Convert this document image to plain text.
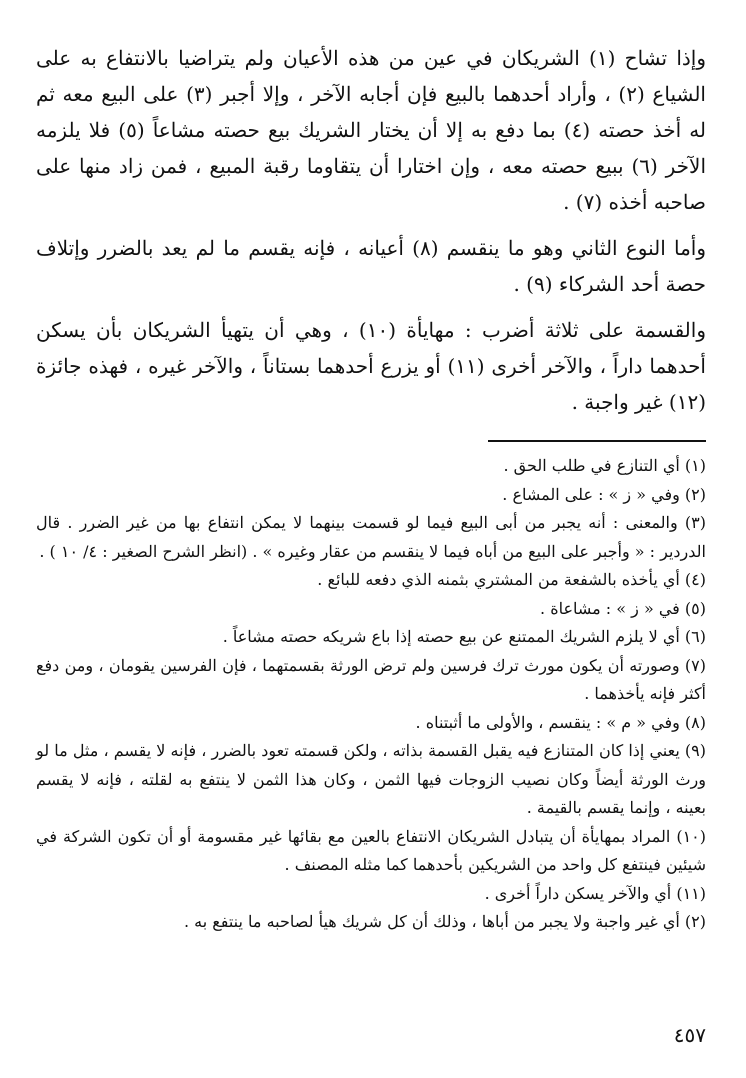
وإذا تشاح (١) الشريكان في عين من هذه الأعيان ولم يتراضيا بالانتفاع به على الشياع (٢) ، وأراد أحدهما بالبيع فإن أجابه الآخر ، وإلا أجبر (٣) على البيع معه ثم له أخذ حصته (٤) بما دفع به إلا أن يختار الشريك بيع حصته مشاعاً (٥) فلا يلزمه الآخر (٦) ببيع حصته معه ، وإن اختارا أن يتقاوما رقبة المبيع ، فمن زاد منها على صاحبه أخذه (٧) .

وأما النوع الثاني وهو ما ينقسم (٨) أعيانه ، فإنه يقسم ما لم يعد بالضرر وإتلاف حصة أحد الشركاء (٩) .

والقسمة على ثلاثة أضرب : مهايأة (١٠) ، وهي أن يتهيأ الشريكان بأن يسكن أحدهما داراً ، والآخر أخرى (١١) أو يزرع أحدهما بستاناً ، والآخر غيره ، فهذه جائزة (١٢) غير واجبة .

(١) أي التنازع في طلب الحق .

(٢) وفي « ز » : على المشاع .

(٣) والمعنى : أنه يجبر من أبى البيع فيما لو قسمت بينهما لا يمكن انتفاع بها من غير الضرر . قال الدردير : « وأجبر على البيع من أباه فيما لا ينقسم من عقار وغيره » . (انظر الشرح الصغير : ٤/ ١٠ ) .

(٤) أي يأخذه بالشفعة من المشتري بثمنه الذي دفعه للبائع .

(٥) في « ز » : مشاعاة .

(٦) أي لا يلزم الشريك الممتنع عن بيع حصته إذا باع شريكه حصته مشاعاً .

(٧) وصورته أن يكون مورث ترك فرسين ولم ترض الورثة بقسمتهما ، فإن الفرسين يقومان ، ومن دفع أكثر فإنه يأخذهما .

(٨) وفي « م » : ينقسم ، والأولى ما أثبتناه .

(٩) يعني إذا كان المتنازع فيه يقبل القسمة بذاته ، ولكن قسمته تعود بالضرر ، فإنه لا يقسم ، مثل ما لو ورث الورثة أيضاً وكان نصيب الزوجات فيها الثمن ، وكان هذا الثمن لا ينتفع به لقلته ، فإنه لا يقسم بعينه ، وإنما يقسم بالقيمة .

(١٠) المراد بمهايأة أن يتبادل الشريكان الانتفاع بالعين مع بقائها غير مقسومة أو أن تكون الشركة في شيئين فينتفع كل واحد من الشريكين بأحدهما كما مثله المصنف .

(١١) أي والآخر يسكن داراً أخرى .

(٢) أي غير واجبة ولا يجبر من أباها ، وذلك أن كل شريك هيأ لصاحبه ما ينتفع به .

٤٥٧
